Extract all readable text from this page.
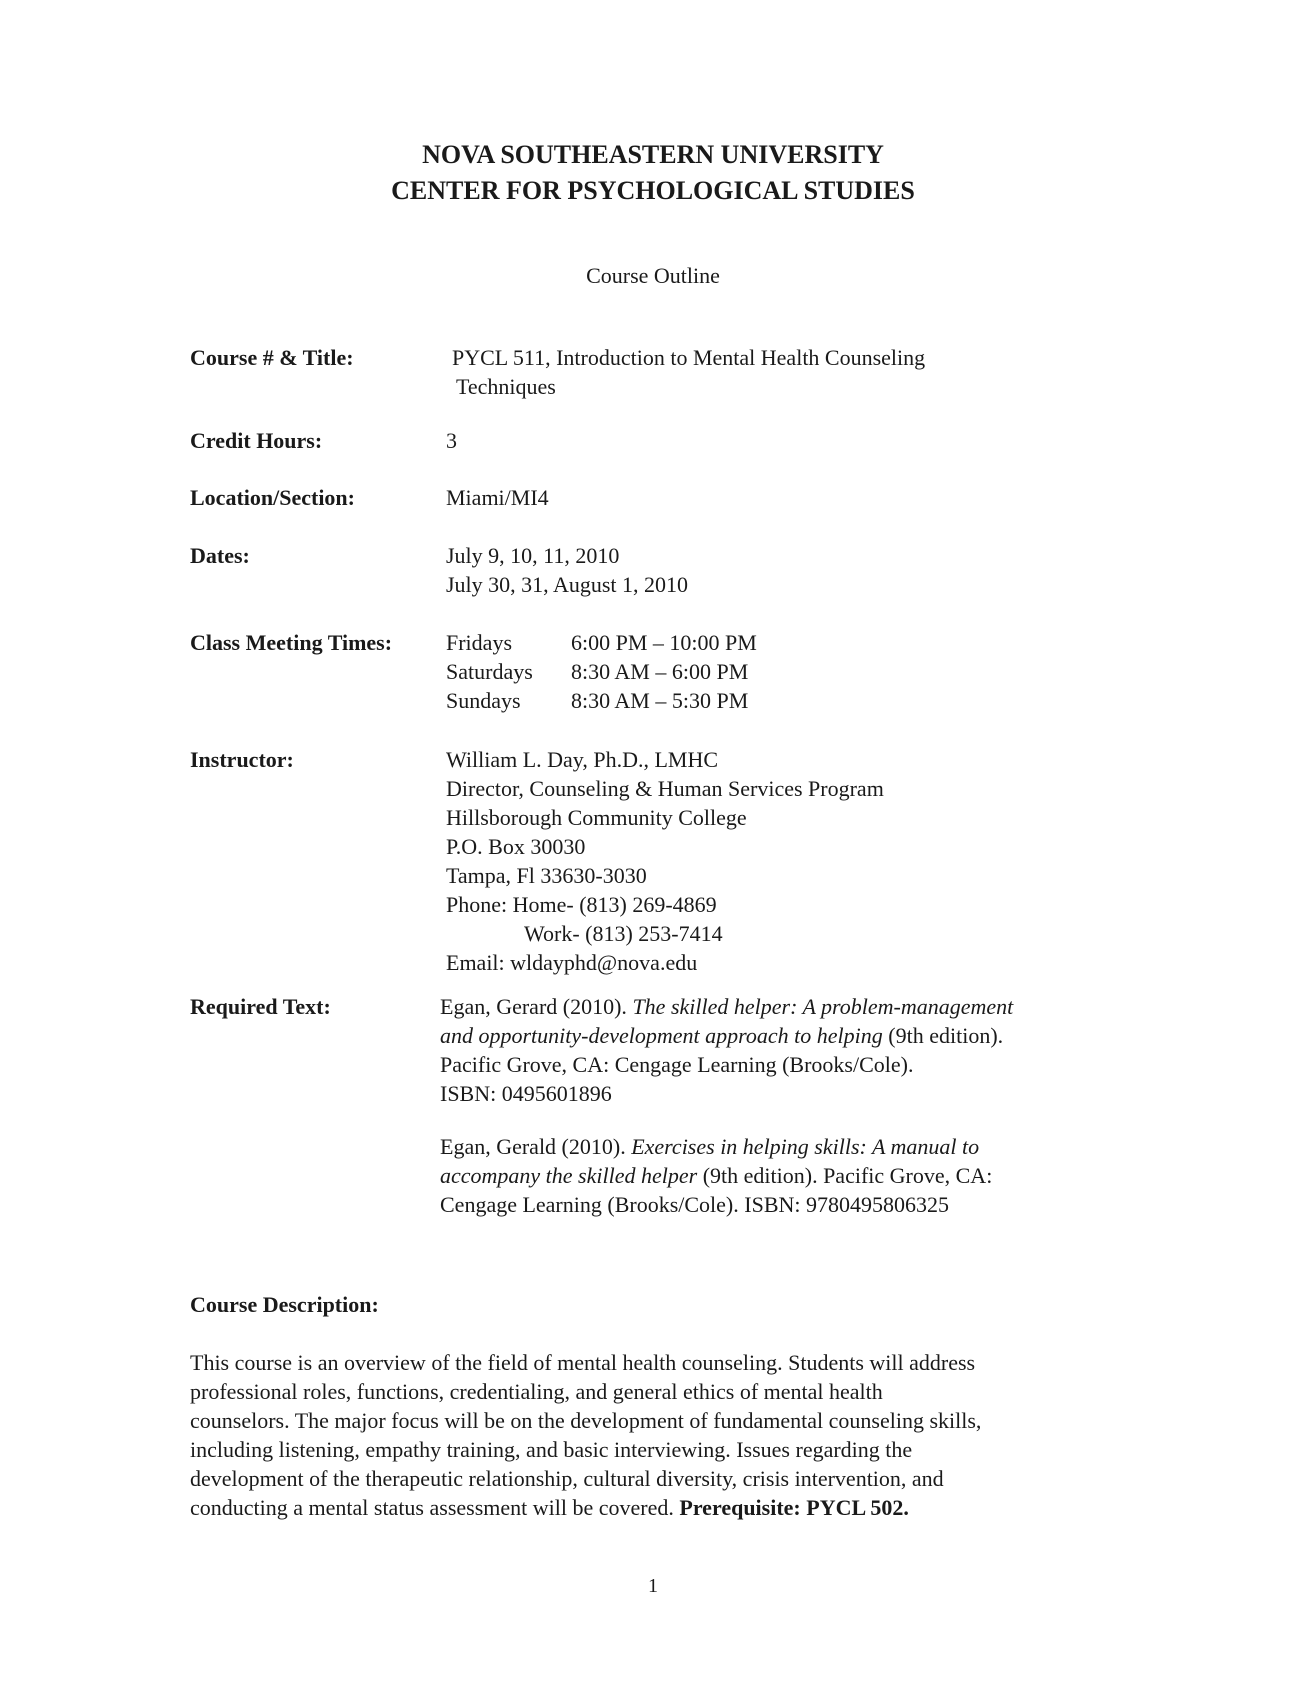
NOVA SOUTHEASTERN UNIVERSITY
CENTER FOR PSYCHOLOGICAL STUDIES
Course Outline
Course # & Title:	PYCL 511, Introduction to Mental Health Counseling
Techniques
Credit Hours:	3
Location/Section:	Miami/MI4
Dates:	July 9, 10, 11, 2010
July 30, 31, August 1, 2010
Class Meeting Times: Fridays	6:00 PM – 10:00 PM
Saturdays 8:30 AM – 6:00 PM
Sundays 8:30 AM – 5:30 PM
Instructor:	William L. Day, Ph.D., LMHC
Director, Counseling & Human Services Program
Hillsborough Community College
P.O. Box 30030
Tampa, Fl 33630-3030
Phone: Home- (813) 269-4869
Work- (813) 253-7414
Email: wldayphd@nova.edu
Required Text:	Egan, Gerard (2010). The skilled helper: A problem-management
and opportunity-development approach to helping (9th edition).
Pacific Grove, CA: Cengage Learning (Brooks/Cole).
ISBN: 0495601896
Egan, Gerald (2010). Exercises in helping skills: A manual to
accompany the skilled helper (9th edition). Pacific Grove, CA:
Cengage Learning (Brooks/Cole). ISBN: 9780495806325
Course Description:
This course is an overview of the field of mental health counseling. Students will address
professional roles, functions, credentialing, and general ethics of mental health
counselors. The major focus will be on the development of fundamental counseling skills,
including listening, empathy training, and basic interviewing. Issues regarding the
development of the therapeutic relationship, cultural diversity, crisis intervention, and
conducting a mental status assessment will be covered. Prerequisite: PYCL 502.
1
